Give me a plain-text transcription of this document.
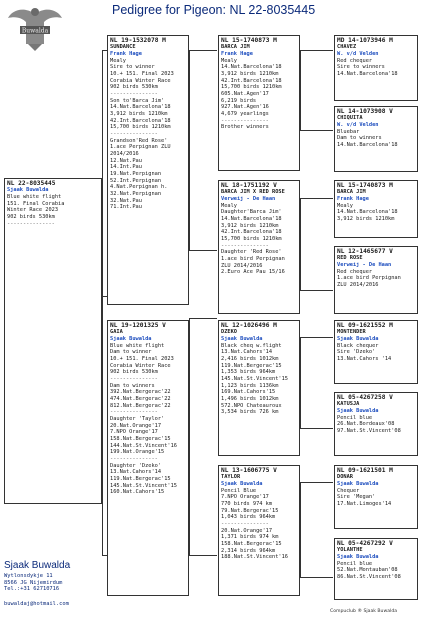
Pedigree for Pigeon: NL 22-8035445
Buwalda
NL 22-8035445
Sjaak Buwalda
Blue white flight
151. Final Corabia
Winter Race 2023
902 birds 530km
---------------
NL 19-1532078 M
SUNDANCE
Frank Hage
Mealy
Sire to winner
10.+ 151. Final 2023
Corabia Winter Race
902 birds 530km
---------------
Son to'Barca Jim'
14.Nat.Barcelona'18
3,912 birds 1210km
42.Int.Barcelona'18
15,700 birds 1210km
---------------
Grandson'Red Rose'
1.ace Perpignan ZLU
2014/2016
12.Nat.Pau
14.Int.Pau
19.Nat.Perpignan
52.Int.Perpignan
4.Nat.Perpignan h.
32.Nat.Perpignan
32.Nat.Pau
71.Int.Pau
NL 19-1201325 V
GAIA
Sjaak Buwalda
Blue white flight
Dam to winner
10.+ 151. Final 2023
Corabia Winter Race
902 birds 530km
---------------
Dam to winners
392.Nat.Bergerac'22
474.Nat.Bergerac'22
812.Nat.Bergerac'22
---------------
Daughter 'Taylor'
20.Nat.Orange'17
7.NPO Orange'17
158.Nat.Bergerac'15
144.Nat.St.Vincent'16
199.Nat.Orange'15
---------------
Daughter 'Dzeko'
13.Nat.Cahors'14
119.Nat.Bergerac'15
145.Nat.St.Vincent'15
160.Nat.Cahors'15
NL 15-1740873 M
BARCA JIM
Frank Hage
Mealy
14.Nat.Barcelona'18
3,912 birds 1210km
42.Int.Barcelona'18
15,700 birds 1210km
605.Nat.Agen'17
6,219 birds
927.Nat.Agen'16
4,679 yearlings
---------------
Brother winners
NL 18-1751192 V
BARCA JIM X RED ROSE
Verweij - De Haan
Mealy
Daughter'Barca Jim'
14.Nat.Barcelona'18
3,912 birds 1210km
42.Int.Barcelona'18
15,700 birds 1210km
---------------
Daughter 'Red Rose'
1.ace bird Perpignan
ZLU 2014/2016
2.Euro Ace Pau 15/16
NL 12-1026496 M
DZEKO
Sjaak Buwalda
Black cheq w.flight
13.Nat.Cahors'14
2,416 birds 1012km
119.Nat.Bergerac'15
1,353 birds 964km
145.Nat.St.Vincent'15
1,123 birds 1136km
169.Nat.Cahors'15
1,496 birds 1012km
572.NPO Chateauroux
3,534 birds 726 km
NL 13-1606775 V
TAYLOR
Sjaak Buwalda
Pencil Blue
7.NPO Orange'17
770 birds 974 km
79.Nat.Bergerac'15
1,043 birds 964km
---------------
20.Nat.Orange'17
1,371 birds 974 km
158.Nat.Bergerac'15
2,314 birds 964km
188.Nat.St.Vincent'16
MD 14-1073946 M
CHAVEZ
W. v/d Velden
Red chequer
Sire to winners
14.Nat.Barcelona'18
NL 14-1073908 V
CHIQUITA
W. v/d Velden
Bluebar
Dam to winners
14.Nat.Barcelona'18
NL 15-1740873 M
BARCA JIM
Frank Hage
Mealy
14.Nat.Barcelona'18
3,912 birds 1210km
NL 12-1465677 V
RED ROSE
Verweij - De Haan
Red chequer
1.ace bird Perpignan
ZLU 2014/2016
NL 09-1621552 M
MONTENDER
Sjaak Buwalda
Black chequer
Sire 'Dzeko'
13.Nat.Cahors '14
NL 05-4267258 V
KATUSJA
Sjaak Buwalda
Pencil blue
26.Nat.Bordeaux'08
97.Nat.St.Vincent'08
NL 09-1621501 M
DONAR
Sjaak Buwalda
Chequer
Sire 'Megan'
17.Nat.Limoges'14
NL 05-4267292 V
YOLANTHE
Sjaak Buwalda
Pencil blue
52.Nat.Montauban'08
86.Nat.St.Vincent'08
Sjaak Buwalda
Wytlonsdykje 11
8566 JG Nijemirdum
Tel.:+31 62710716
buwaldaj@hotmail.com
Compuclub ® Sjaak Buwalda
